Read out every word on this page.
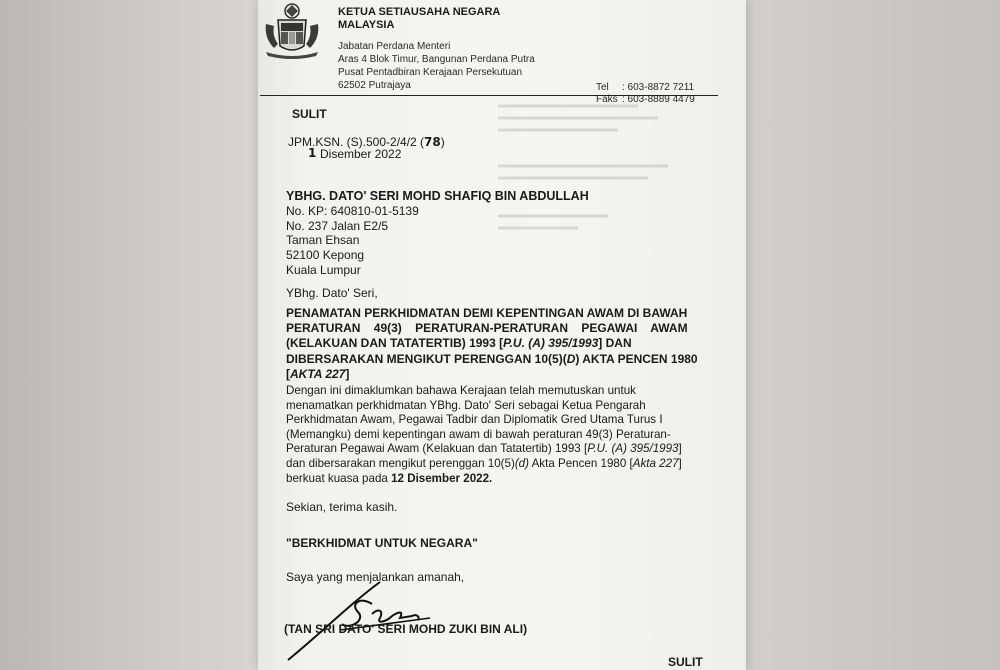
KETUA SETIAUSAHA NEGARA
MALAYSIA
Jabatan Perdana Menteri
Aras 4 Blok Timur, Bangunan Perdana Putra
Pusat Pentadbiran Kerajaan Persekutuan
62502 Putrajaya	Tel : 603-8872 7211
Faks : 603-8889 4479
SULIT
JPM.KSN. (S).500-2/4/2 (78)
1 Disember 2022
YBHG. DATO' SERI MOHD SHAFIQ BIN ABDULLAH
No. KP: 640810-01-5139
No. 237 Jalan E2/5
Taman Ehsan
52100 Kepong
Kuala Lumpur
YBhg. Dato' Seri,
PENAMATAN PERKHIDMATAN DEMI KEPENTINGAN AWAM DI BAWAH
PERATURAN 49(3) PERATURAN-PERATURAN PEGAWAI AWAM
(KELAKUAN DAN TATATERTIB) 1993 [P.U. (A) 395/1993] DAN
DIBERSARAKAN MENGIKUT PERENGGAN 10(5)(D) AKTA PENCEN 1980
[AKTA 227]
Dengan ini dimaklumkan bahawa Kerajaan telah memutuskan untuk
menamatkan perkhidmatan YBhg. Dato' Seri sebagai Ketua Pengarah
Perkhidmatan Awam, Pegawai Tadbir dan Diplomatik Gred Utama Turus I
(Memangku) demi kepentingan awam di bawah peraturan 49(3) Peraturan-
Peraturan Pegawai Awam (Kelakuan dan Tatatertib) 1993 [P.U. (A) 395/1993]
dan dibersarakan mengikut perenggan 10(5)(d) Akta Pencen 1980 [Akta 227]
berkuat kuasa pada 12 Disember 2022.
Sekian, terima kasih.
"BERKHIDMAT UNTUK NEGARA"
Saya yang menjalankan amanah,
(TAN SRI DATO' SERI MOHD ZUKI BIN ALI)
SULIT
